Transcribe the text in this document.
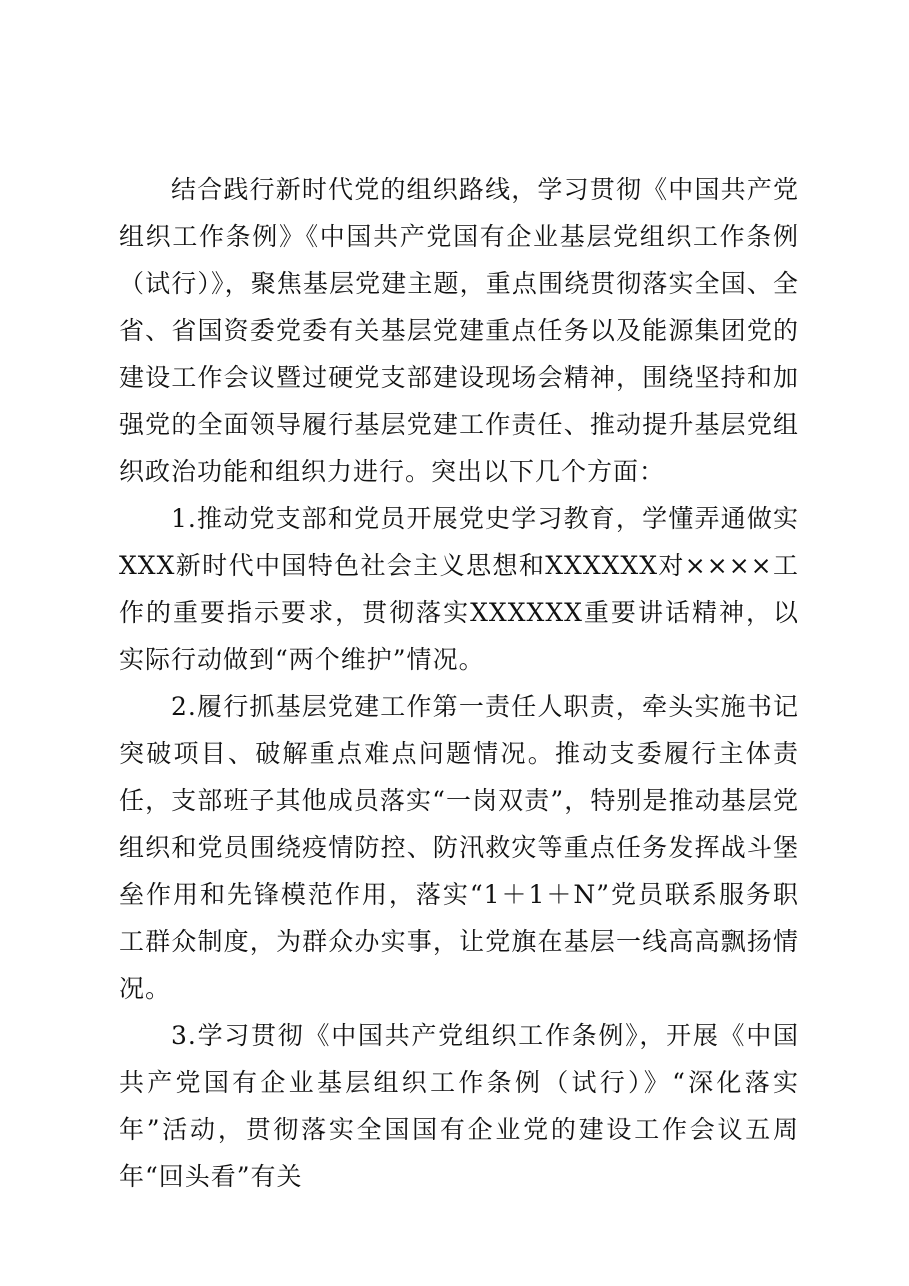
结合践行新时代党的组织路线，学习贯彻《中国共产党组织工作条例》《中国共产党国有企业基层党组织工作条例（试行）》，聚焦基层党建主题，重点围绕贯彻落实全国、全省、省国资委党委有关基层党建重点任务以及能源集团党的建设工作会议暨过硬党支部建设现场会精神，围绕坚持和加强党的全面领导履行基层党建工作责任、推动提升基层党组织政治功能和组织力进行。突出以下几个方面：

1.推动党支部和党员开展党史学习教育，学懂弄通做实XXX新时代中国特色社会主义思想和XXXXXX对××××工作的重要指示要求，贯彻落实XXXXXX重要讲话精神，以实际行动做到“两个维护”情况。

2.履行抓基层党建工作第一责任人职责，牵头实施书记突破项目、破解重点难点问题情况。推动支委履行主体责任，支部班子其他成员落实“一岗双责”，特别是推动基层党组织和党员围绕疫情防控、防汛救灾等重点任务发挥战斗堡垒作用和先锋模范作用，落实“1＋1＋N”党员联系服务职工群众制度，为群众办实事，让党旗在基层一线高高飘扬情况。

3.学习贯彻《中国共产党组织工作条例》，开展《中国共产党国有企业基层组织工作条例（试行）》“深化落实年”活动，贯彻落实全国国有企业党的建设工作会议五周年“回头看”有关
